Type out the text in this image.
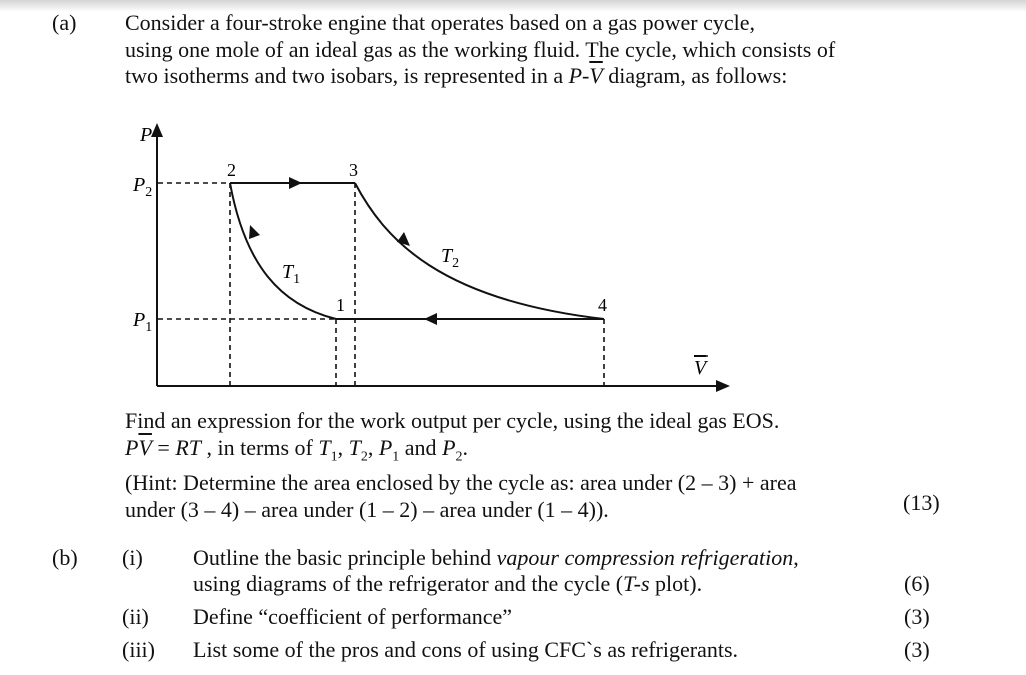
(a) Consider a four-stroke engine that operates based on a gas power cycle,
using one mole of an ideal gas as the working fluid. The cycle, which consists of
two isotherms and two isobars, is represented in a $P-\overline{V}$ diagram, as follows:
P
$P_2$
$P_1$
2	3
1	4
$T_1$
$T_2$
V
Find an expression for the work output per cycle, using the ideal gas EOS.
$P\overline{V}$ = RT , in terms of $T_1$, $T_2$, $P_1$ and $P_2$.
(Hint: Determine the area enclosed by the cycle as: area under (2 – 3) + area
under (3 – 4) – area under (1 – 2) – area under (1 – 4)).	(13)
(b) (i) Outline the basic principle behind vapour compression refrigeration,
using diagrams of the refrigerator and the cycle (T-s plot).	(6)
(ii) Define “coefficient of performance”	(3)
(iii) List some of the pros and cons of using CFC`s as refrigerants.	(3)
